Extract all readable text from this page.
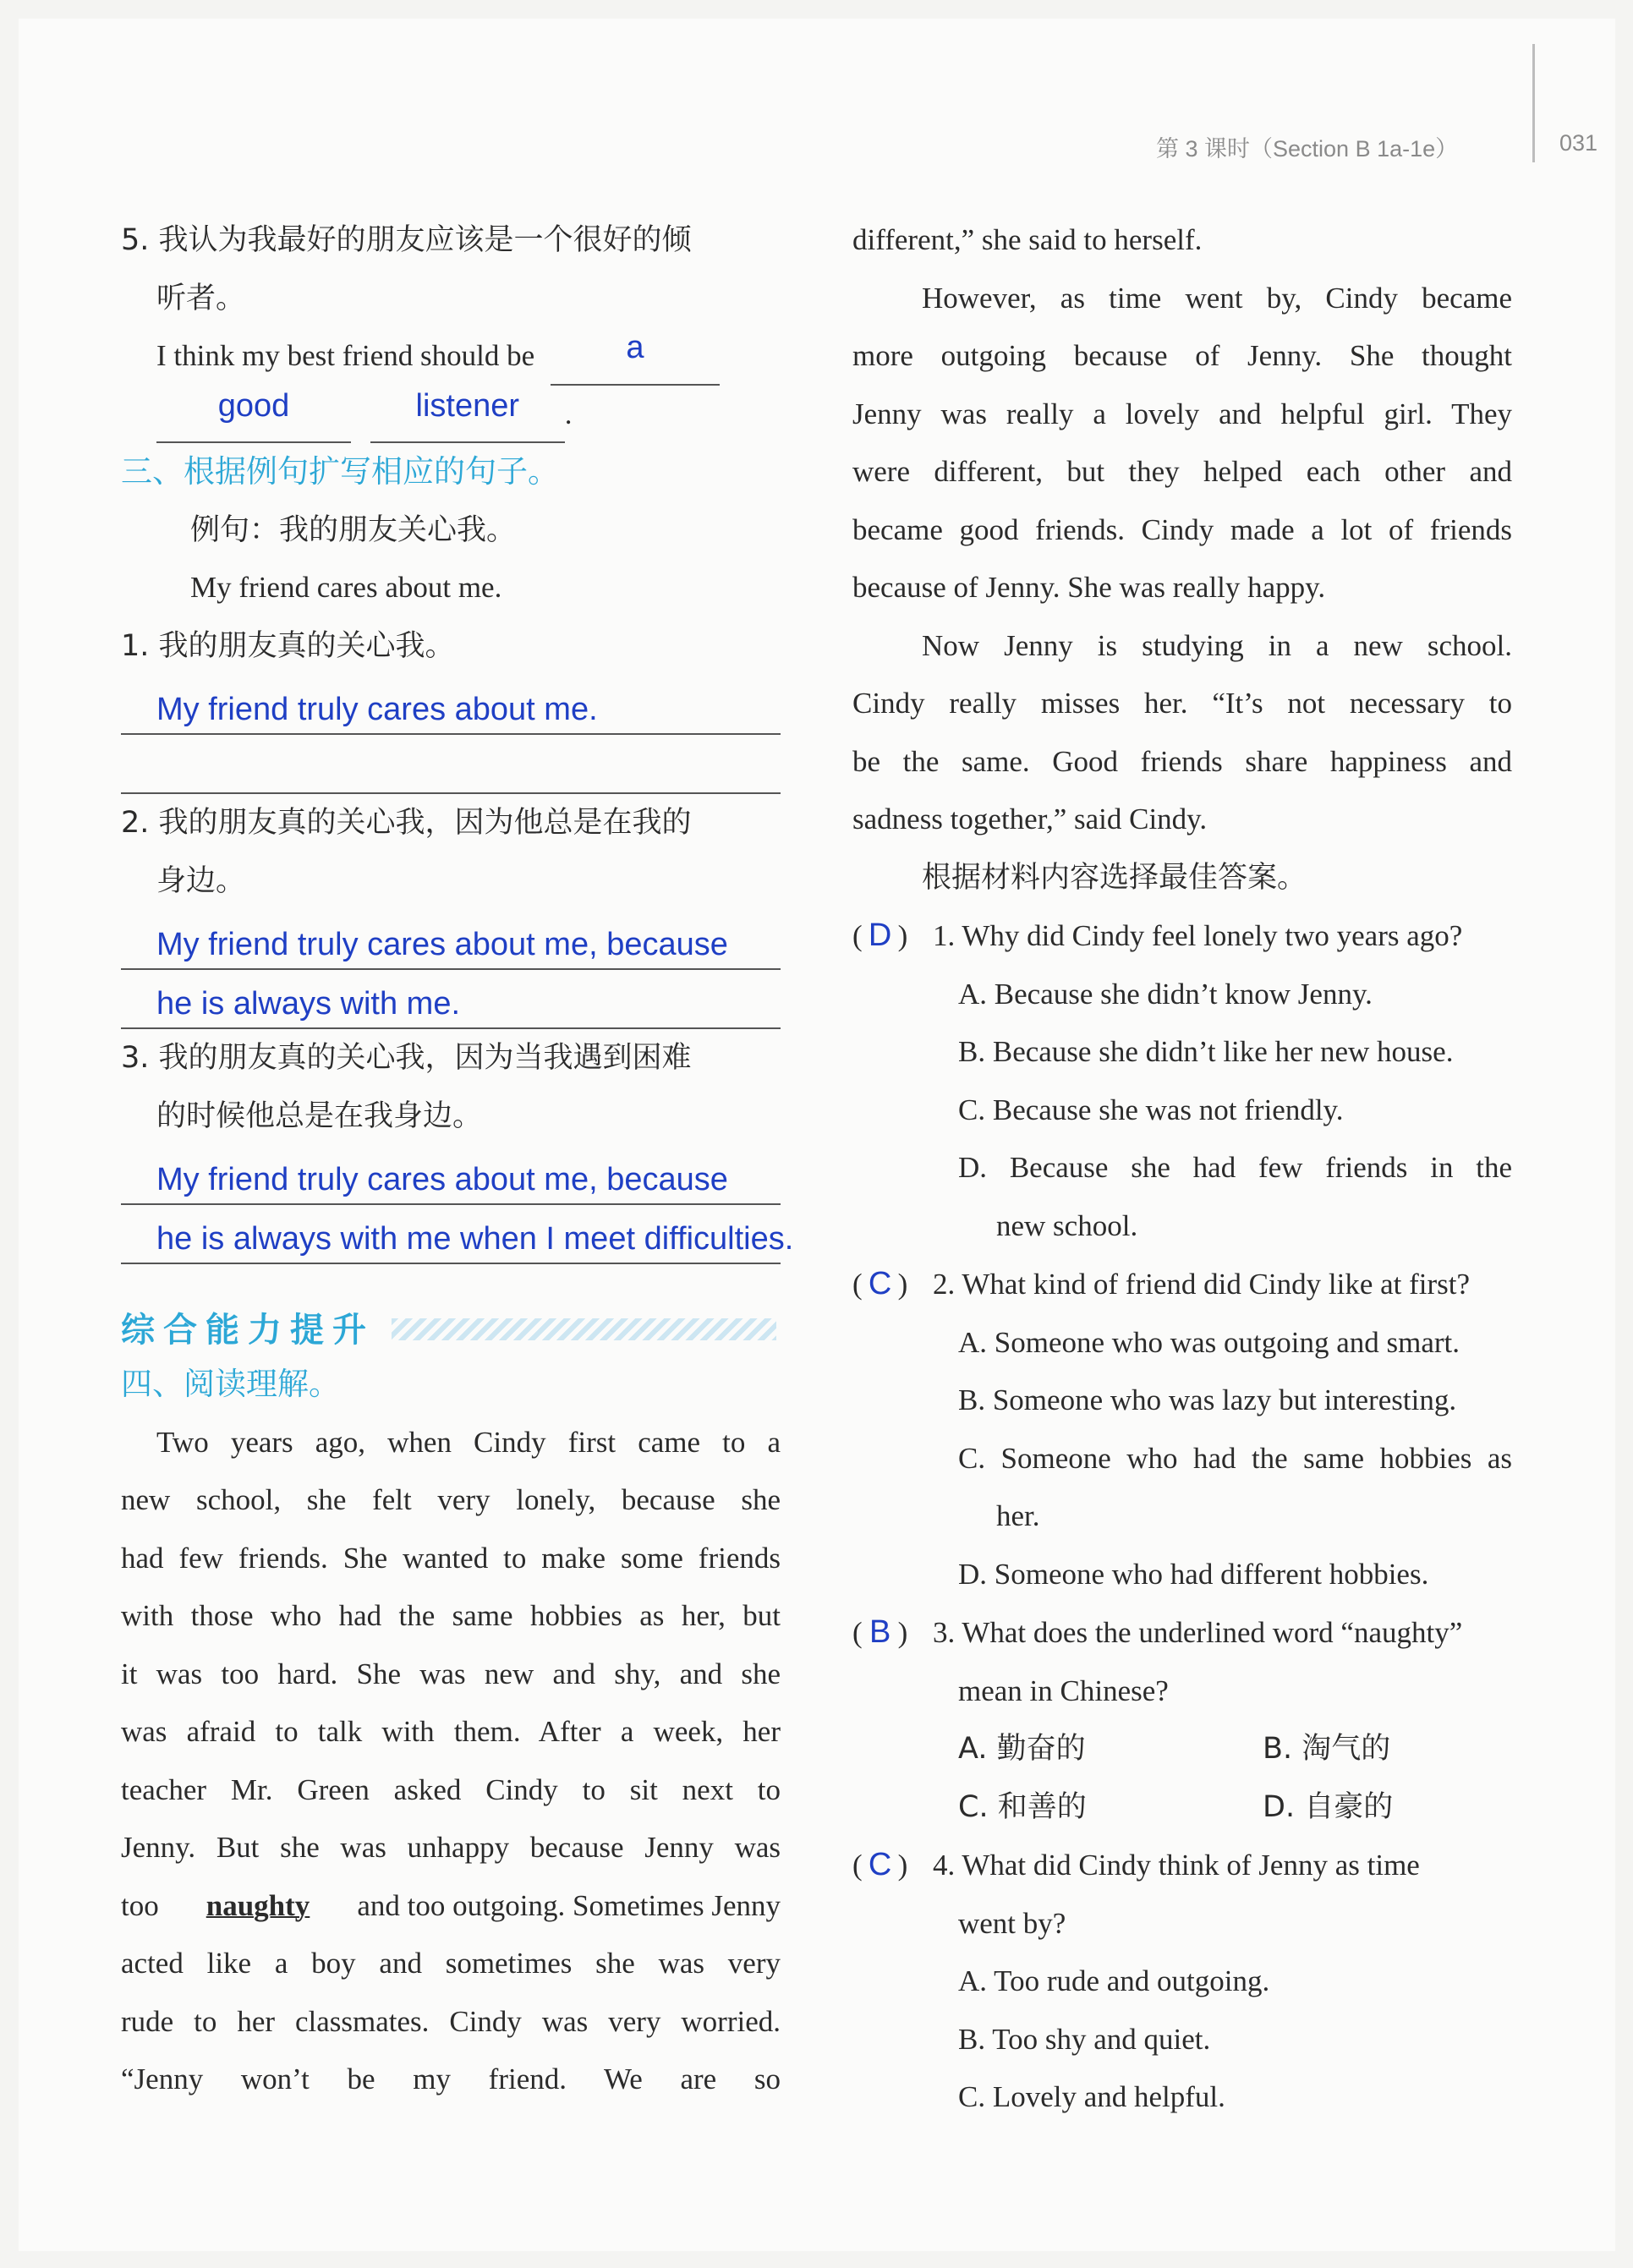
第 3 课时（Section B 1a-1e）	031
5. 我认为我最好的朋友应该是一个很好的倾
听者。
I think my best friend should be	a
good
	listener	.
三、根据例句扩写相应的句子。
例句：我的朋友关心我。
My friend cares about me.
1. 我的朋友真的关心我。
My friend truly cares about me.
2. 我的朋友真的关心我，因为他总是在我的
身边。
My friend truly cares about me, because
he is always with me.
3. 我的朋友真的关心我，因为当我遇到困难
的时候他总是在我身边。
My friend truly cares about me, because
he is always with me when I meet difficulties.
综合能力提升
四、阅读理解。
Two years ago, when Cindy first came to a
new school, she felt very lonely, because she
had few friends. She wanted to make some friends
with those who had the same hobbies as her, but
it was too hard. She was new and shy, and she
was afraid to talk with them. After a week, her
teacher Mr. Green asked Cindy to sit next to
Jenny. But she was unhappy because Jenny was
too naughty and too outgoing. Sometimes Jenny
acted like a boy and sometimes she was very
rude to her classmates. Cindy was very worried.
“Jenny won’t be my friend. We are so
different,” she said to herself.
However, as time went by, Cindy became
more outgoing because of Jenny. She thought
Jenny was really a lovely and helpful girl. They
were different, but they helped each other and
became good friends. Cindy made a lot of friends
because of Jenny. She was really happy.
Now Jenny is studying in a new school.
Cindy really misses her. “It’s not necessary to
be the same. Good friends share happiness and
sadness together,” said Cindy.
根据材料内容选择最佳答案。
( D ) 1. Why did Cindy feel lonely two years ago?
A. Because she didn’t know Jenny.
B. Because she didn’t like her new house.
C. Because she was not friendly.
D. Because she had few friends in the
new school.
( C ) 2. What kind of friend did Cindy like at first?
A. Someone who was outgoing and smart.
B. Someone who was lazy but interesting.
C. Someone who had the same hobbies as
her.
D. Someone who had different hobbies.
( B ) 3. What does the underlined word “naughty”
mean in Chinese?
A. 勤奋的	B. 淘气的
C. 和善的	D. 自豪的
( C ) 4. What did Cindy think of Jenny as time
went by?
A. Too rude and outgoing.
B. Too shy and quiet.
C. Lovely and helpful.
